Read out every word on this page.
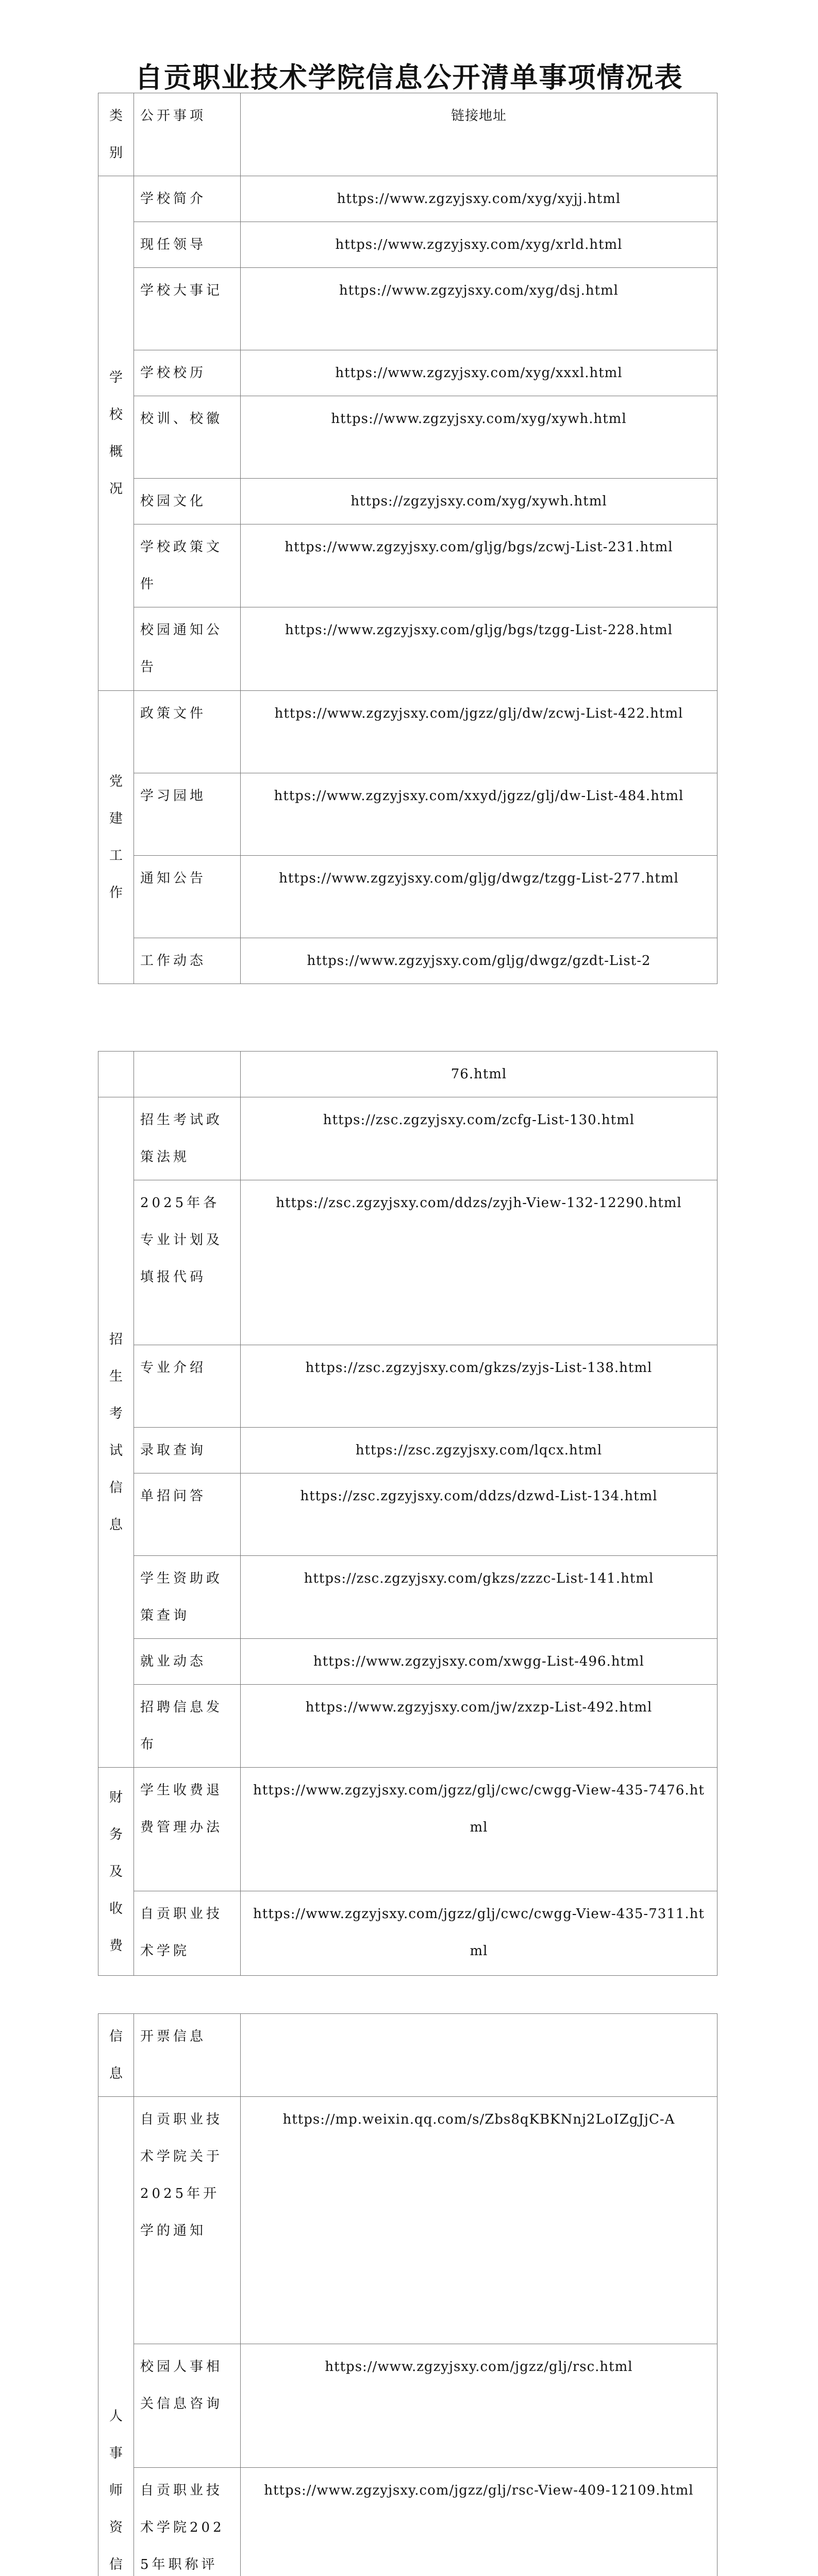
自贡职业技术学院信息公开清单事项情况表
类别	公开事项	链接地址
学校概况	学校简介	https://www.zgzyjsxy.com/xyg/xyjj.html
	现任领导	https://www.zgzyjsxy.com/xyg/xrld.html
	学校大事记	https://www.zgzyjsxy.com/xyg/dsj.html
	学校校历	https://www.zgzyjsxy.com/xyg/xxxl.html
	校训、校徽	https://www.zgzyjsxy.com/xyg/xywh.html
	校园文化	https://zgzyjsxy.com/xyg/xywh.html
	学校政策文件	https://www.zgzyjsxy.com/gljg/bgs/zcwj-List-231.html
	校园通知公告	https://www.zgzyjsxy.com/gljg/bgs/tzgg-List-228.html
党建工作	政策文件	https://www.zgzyjsxy.com/jgzz/glj/dw/zcwj-List-422.html
	学习园地	https://www.zgzyjsxy.com/xxyd/jgzz/glj/dw-List-484.html
	通知公告	https://www.zgzyjsxy.com/gljg/dwgz/tzgg-List-277.html
	工作动态	https://www.zgzyjsxy.com/gljg/dwgz/gzdt-List-2
		76.html
招生考试信息	招生考试政策法规	https://zsc.zgzyjsxy.com/zcfg-List-130.html
	2025年各专业计划及填报代码	https://zsc.zgzyjsxy.com/ddzs/zyjh-View-132-12290.html
	专业介绍	https://zsc.zgzyjsxy.com/gkzs/zyjs-List-138.html
	录取查询	https://zsc.zgzyjsxy.com/lqcx.html
	单招问答	https://zsc.zgzyjsxy.com/ddzs/dzwd-List-134.html
	学生资助政策查询	https://zsc.zgzyjsxy.com/gkzs/zzzc-List-141.html
	就业动态	https://www.zgzyjsxy.com/xwgg-List-496.html
	招聘信息发布	https://www.zgzyjsxy.com/jw/zxzp-List-492.html
财务及收费	学生收费退费管理办法	https://www.zgzyjsxy.com/jgzz/glj/cwc/cwgg-View-435-7476.html
	自贡职业技术学院	https://www.zgzyjsxy.com/jgzz/glj/cwc/cwgg-View-435-7311.html
信息	开票信息	
人事师资信	自贡职业技术学院关于2025年开学的通知	https://mp.weixin.qq.com/s/Zbs8qKBKNnj2LoIZgJjC-A
	校园人事相关信息咨询	https://www.zgzyjsxy.com/jgzz/glj/rsc.html
	自贡职业技术学院2025年职称评	https://www.zgzyjsxy.com/jgzz/glj/rsc-View-409-12109.html
